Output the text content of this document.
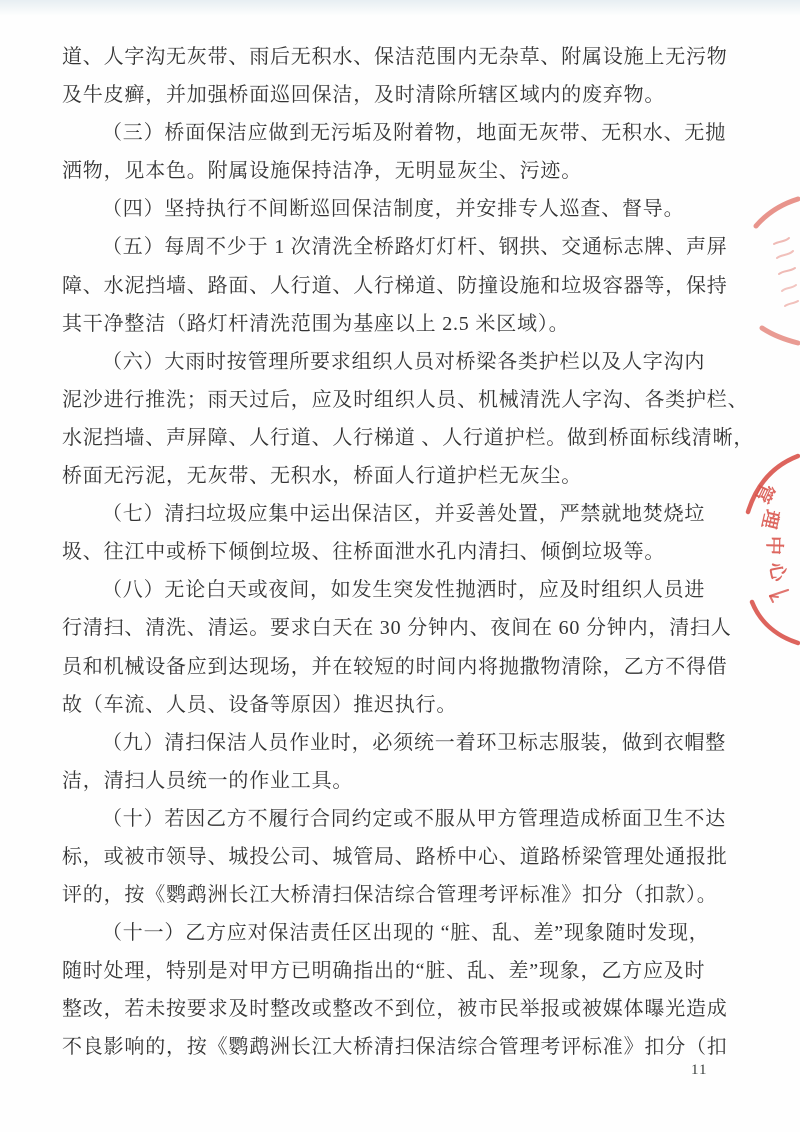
道、人字沟无灰带、雨后无积水、保洁范围内无杂草、附属设施上无污物
及牛皮癣，并加强桥面巡回保洁，及时清除所辖区域内的废弃物。
（三）桥面保洁应做到无污垢及附着物，地面无灰带、无积水、无抛
洒物，见本色。附属设施保持洁净，无明显灰尘、污迹。
（四）坚持执行不间断巡回保洁制度，并安排专人巡查、督导。
（五）每周不少于 1 次清洗全桥路灯灯杆、钢拱、交通标志牌、声屏
障、水泥挡墙、路面、人行道、人行梯道、防撞设施和垃圾容器等，保持
其干净整洁（路灯杆清洗范围为基座以上 2.5 米区域）。
（六）大雨时按管理所要求组织人员对桥梁各类护栏以及人字沟内
泥沙进行推洗；雨天过后，应及时组织人员、机械清洗人字沟、各类护栏、
水泥挡墙、声屏障、人行道、人行梯道 、人行道护栏。做到桥面标线清晰，
桥面无污泥，无灰带、无积水，桥面人行道护栏无灰尘。
（七）清扫垃圾应集中运出保洁区，并妥善处置，严禁就地焚烧垃
圾、往江中或桥下倾倒垃圾、往桥面泄水孔内清扫、倾倒垃圾等。
（八）无论白天或夜间，如发生突发性抛洒时，应及时组织人员进
行清扫、清洗、清运。要求白天在 30 分钟内、夜间在 60 分钟内，清扫人
员和机械设备应到达现场，并在较短的时间内将抛撒物清除，乙方不得借
故（车流、人员、设备等原因）推迟执行。
（九）清扫保洁人员作业时，必须统一着环卫标志服装，做到衣帽整
洁，清扫人员统一的作业工具。
（十）若因乙方不履行合同约定或不服从甲方管理造成桥面卫生不达
标，或被市领导、城投公司、城管局、路桥中心、道路桥梁管理处通报批
评的，按《鹦鹉洲长江大桥清扫保洁综合管理考评标准》扣分（扣款）。
（十一）乙方应对保洁责任区出现的 “脏、乱、差”现象随时发现，
随时处理，特别是对甲方已明确指出的“脏、乱、差”现象，乙方应及时
整改，若未按要求及时整改或整改不到位，被市民举报或被媒体曝光造成
不良影响的，按《鹦鹉洲长江大桥清扫保洁综合管理考评标准》扣分（扣
11
管
理
中
心
